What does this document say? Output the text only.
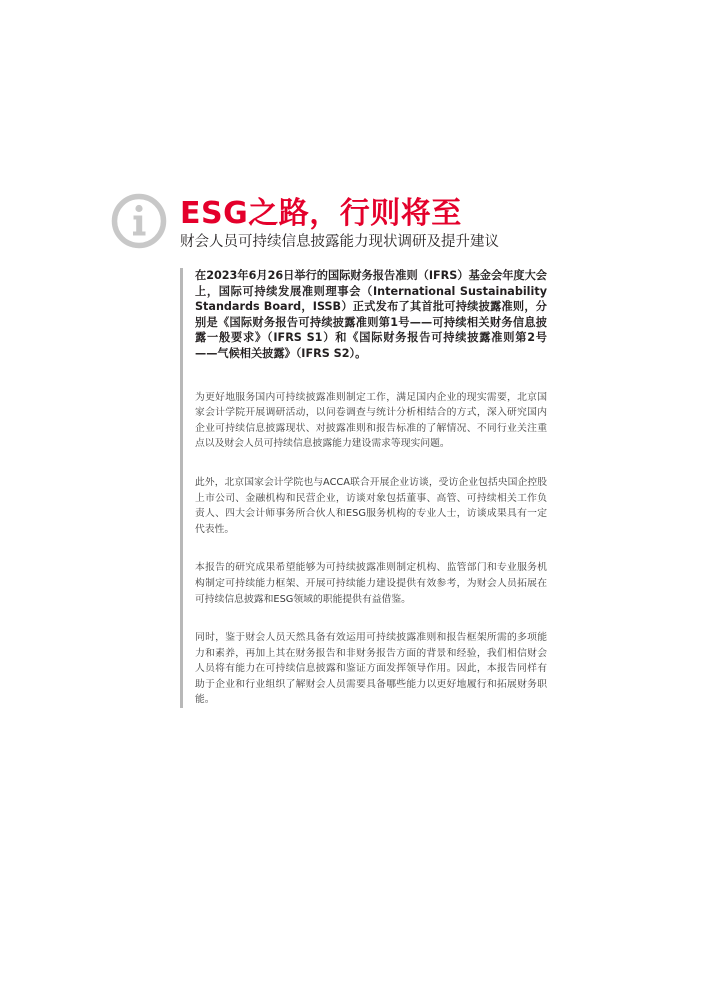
ESG之路，行则将至

财会人员可持续信息披露能力现状调研及提升建议

在2023年6月26日举行的国际财务报告准则（IFRS）基金会年度大会上，国际可持续发展准则理事会（International Sustainability Standards Board，ISSB）正式发布了其首批可持续披露准则，分别是《国际财务报告可持续披露准则第1号——可持续相关财务信息披露一般要求》（IFRS S1）和《国际财务报告可持续披露准则第2号——气候相关披露》（IFRS S2）。

为更好地服务国内可持续披露准则制定工作，满足国内企业的现实需要，北京国家会计学院开展调研活动，以问卷调查与统计分析相结合的方式，深入研究国内企业可持续信息披露现状、对披露准则和报告标准的了解情况、不同行业关注重点以及财会人员可持续信息披露能力建设需求等现实问题。

此外，北京国家会计学院也与ACCA联合开展企业访谈，受访企业包括央国企控股上市公司、金融机构和民营企业，访谈对象包括董事、高管、可持续相关工作负责人、四大会计师事务所合伙人和ESG服务机构的专业人士，访谈成果具有一定代表性。

本报告的研究成果希望能够为可持续披露准则制定机构、监管部门和专业服务机构制定可持续能力框架、开展可持续能力建设提供有效参考，为财会人员拓展在可持续信息披露和ESG领域的职能提供有益借鉴。

同时，鉴于财会人员天然具备有效运用可持续披露准则和报告框架所需的多项能力和素养，再加上其在财务报告和非财务报告方面的背景和经验，我们相信财会人员将有能力在可持续信息披露和鉴证方面发挥领导作用。因此，本报告同样有助于企业和行业组织了解财会人员需要具备哪些能力以更好地履行和拓展财务职能。
